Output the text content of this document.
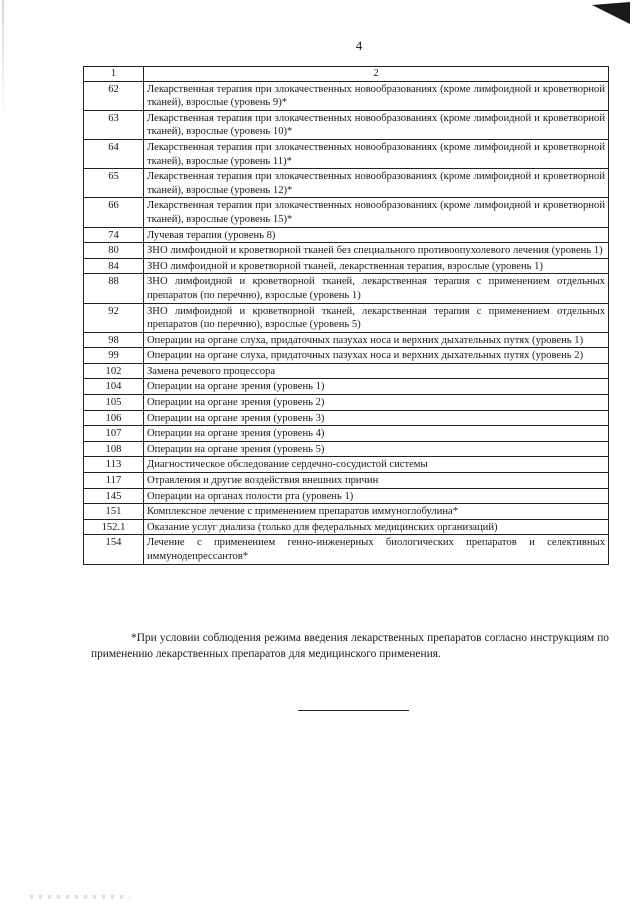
4
1	2
62	Лекарственная терапия при злокачественных новообразованиях (кроме лимфоидной и кроветворной тканей), взрослые (уровень 9)*
63	Лекарственная терапия при злокачественных новообразованиях (кроме лимфоидной и кроветворной тканей), взрослые (уровень 10)*
64	Лекарственная терапия при злокачественных новообразованиях (кроме лимфоидной и кроветворной тканей), взрослые (уровень 11)*
65	Лекарственная терапия при злокачественных новообразованиях (кроме лимфоидной и кроветворной тканей), взрослые (уровень 12)*
66	Лекарственная терапия при злокачественных новообразованиях (кроме лимфоидной и кроветворной тканей), взрослые (уровень 15)*
74	Лучевая терапия (уровень 8)
80	ЗНО лимфоидной и кроветворной тканей без специального противоопухолевого лечения (уровень 1)
84	ЗНО лимфоидной и кроветворной тканей, лекарственная терапия, взрослые (уровень 1)
88	ЗНО лимфоидной и кроветворной тканей, лекарственная терапия с применением отдельных препаратов (по перечню), взрослые (уровень 1)
92	ЗНО лимфоидной и кроветворной тканей, лекарственная терапия с применением отдельных препаратов (по перечню), взрослые (уровень 5)
98	Операции на органе слуха, придаточных пазухах носа и верхних дыхательных путях (уровень 1)
99	Операции на органе слуха, придаточных пазухах носа и верхних дыхательных путях (уровень 2)
102	Замена речевого процессора
104	Операции на органе зрения (уровень 1)
105	Операции на органе зрения (уровень 2)
106	Операции на органе зрения (уровень 3)
107	Операции на органе зрения (уровень 4)
108	Операции на органе зрения (уровень 5)
113	Диагностическое обследование сердечно-сосудистой системы
117	Отравления и другие воздействия внешних причин
145	Операции на органах полости рта (уровень 1)
151	Комплексное лечение с применением препаратов иммуноглобулина*
152.1	Оказание услуг диализа (только для федеральных медицинских организаций)
154	Лечение с применением генно-инженерных биологических препаратов и селективных иммунодепрессантов*
*При условии соблюдения режима введения лекарственных препаратов согласно инструкциям по применению лекарственных препаратов для медицинского применения.
